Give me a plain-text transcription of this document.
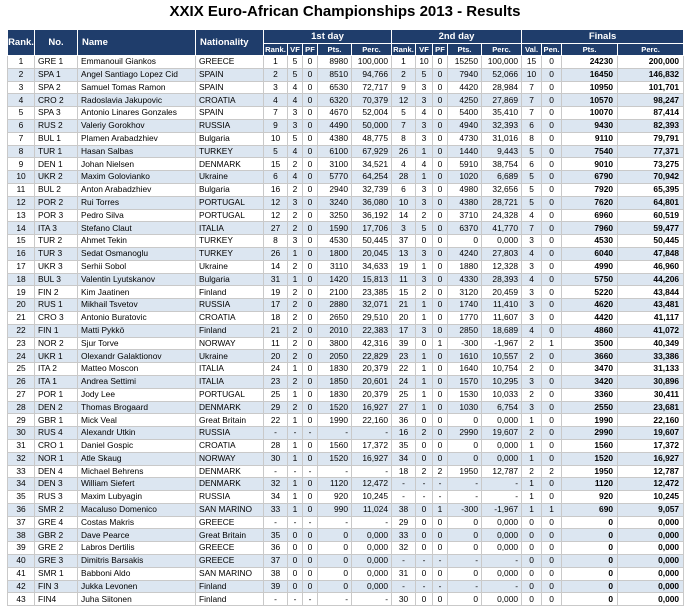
XXIX Euro-African Championships 2013 - Results
Rank.	No.	Name	Nationality	1st day					2nd day					Finals			
				Rank.	VF	PF	Pts.	Perc.	Rank.	VF	PF	Pts.	Perc.	Val.	Pen.	Pts.	Perc.
1	GRE 1	Emmanouil Giankos	GREECE	1	5	0	8980	100,000	1	10	0	15250	100,000	15	0	24230	200,000
2	SPA 1	Angel Santiago Lopez Cid	SPAIN	2	5	0	8510	94,766	2	5	0	7940	52,066	10	0	16450	146,832
3	SPA 2	Samuel Tomas Ramon	SPAIN	3	4	0	6530	72,717	9	3	0	4420	28,984	7	0	10950	101,701
4	CRO 2	Radoslavia Jakupovic	CROATIA	4	4	0	6320	70,379	12	3	0	4250	27,869	7	0	10570	98,247
5	SPA 3	Antonio Linares Gonzales	SPAIN	7	3	0	4670	52,004	5	4	0	5400	35,410	7	0	10070	87,414
6	RUS 2	Valeriy Gorokhov	RUSSIA	9	3	0	4490	50,000	7	3	0	4940	32,393	6	0	9430	82,393
7	BUL 1	Plamen Arabadzhiev	Bulgaria	10	5	0	4380	48,775	8	3	0	4730	31,016	8	0	9110	79,791
8	TUR 1	Hasan Salbas	TURKEY	5	4	0	6100	67,929	26	1	0	1440	9,443	5	0	7540	77,371
9	DEN 1	Johan Nielsen	DENMARK	15	2	0	3100	34,521	4	4	0	5910	38,754	6	0	9010	73,275
10	UKR 2	Maxim Golovianko	Ukraine	6	4	0	5770	64,254	28	1	0	1020	6,689	5	0	6790	70,942
11	BUL 2	Anton Arabadzhiev	Bulgaria	16	2	0	2940	32,739	6	3	0	4980	32,656	5	0	7920	65,395
12	POR 2	Rui Torres	PORTUGAL	12	3	0	3240	36,080	10	3	0	4380	28,721	5	0	7620	64,801
13	POR 3	Pedro Silva	PORTUGAL	12	2	0	3250	36,192	14	2	0	3710	24,328	4	0	6960	60,519
14	ITA 3	Stefano Claut	ITALIA	27	2	0	1590	17,706	3	5	0	6370	41,770	7	0	7960	59,477
15	TUR 2	Ahmet Tekin	TURKEY	8	3	0	4530	50,445	37	0	0	0	0,000	3	0	4530	50,445
16	TUR 3	Sedat Osmanoglu	TURKEY	26	1	0	1800	20,045	13	3	0	4240	27,803	4	0	6040	47,848
17	UKR 3	Serhii Sobol	Ukraine	14	2	0	3110	34,633	19	1	0	1880	12,328	3	0	4990	46,960
18	BUL 3	Valentin Lyutskanov	Bulgaria	31	1	0	1420	15,813	11	3	0	4330	28,393	4	0	5750	44,206
19	FIN 2	Kim Jaatinen	Finland	19	2	0	2100	23,385	15	2	0	3120	20,459	3	0	5220	43,844
20	RUS 1	Mikhail Tsvetov	RUSSIA	17	2	0	2880	32,071	21	1	0	1740	11,410	3	0	4620	43,481
21	CRO 3	Antonio Buratovic	CROATIA	18	2	0	2650	29,510	20	1	0	1770	11,607	3	0	4420	41,117
22	FIN 1	Matti Pykkö	Finland	21	2	0	2010	22,383	17	3	0	2850	18,689	4	0	4860	41,072
23	NOR 2	Sjur Torve	NORWAY	11	2	0	3800	42,316	39	0	1	-300	-1,967	2	1	3500	40,349
24	UKR 1	Olexandr Galaktionov	Ukraine	20	2	0	2050	22,829	23	1	0	1610	10,557	2	0	3660	33,386
25	ITA 2	Matteo Moscon	ITALIA	24	1	0	1830	20,379	22	1	0	1640	10,754	2	0	3470	31,133
26	ITA 1	Andrea Settimi	ITALIA	23	2	0	1850	20,601	24	1	0	1570	10,295	3	0	3420	30,896
27	POR 1	Jody Lee	PORTUGAL	25	1	0	1830	20,379	25	1	0	1530	10,033	2	0	3360	30,411
28	DEN 2	Thomas Brogaard	DENMARK	29	2	0	1520	16,927	27	1	0	1030	6,754	3	0	2550	23,681
29	GBR 1	Mick Veal	Great Britain	22	1	0	1990	22,160	36	0	0	0	0,000	1	0	1990	22,160
30	RUS 4	Alexandr Utkin	RUSSIA	-	-	-	-	-	16	2	0	2990	19,607	2	0	2990	19,607
31	CRO 1	Daniel Gospic	CROATIA	28	1	0	1560	17,372	35	0	0	0	0,000	1	0	1560	17,372
32	NOR 1	Atle Skaug	NORWAY	30	1	0	1520	16,927	34	0	0	0	0,000	1	0	1520	16,927
33	DEN 4	Michael Behrens	DENMARK	-	-	-	-	-	18	2	2	1950	12,787	2	2	1950	12,787
34	DEN 3	William Siefert	DENMARK	32	1	0	1120	12,472	-	-	-	-	-	1	0	1120	12,472
35	RUS 3	Maxim Lubyagin	RUSSIA	34	1	0	920	10,245	-	-	-	-	-	1	0	920	10,245
36	SMR 2	Macaluso Domenico	SAN MARINO	33	1	0	990	11,024	38	0	1	-300	-1,967	1	1	690	9,057
37	GRE 4	Costas Makris	GREECE	-	-	-	-	-	29	0	0	0	0,000	0	0	0	0,000
38	GBR 2	Dave Pearce	Great Britain	35	0	0	0	0,000	33	0	0	0	0,000	0	0	0	0,000
39	GRE 2	Labros Dertilis	GREECE	36	0	0	0	0,000	32	0	0	0	0,000	0	0	0	0,000
40	GRE 3	Dimitris Barsakis	GREECE	37	0	0	0	0,000	-	-	-	-	-	0	0	0	0,000
41	SMR 1	Babboni Aldo	SAN MARINO	38	0	0	0	0,000	31	0	0	0	0,000	0	0	0	0,000
42	FIN 3	Jukka Levonen	Finland	39	0	0	0	0,000	-	-	-	-	-	0	0	0	0,000
43	FIN4	Juha Siitonen	Finland	-	-	-	-	-	30	0	0	0	0,000	0	0	0	0,000
